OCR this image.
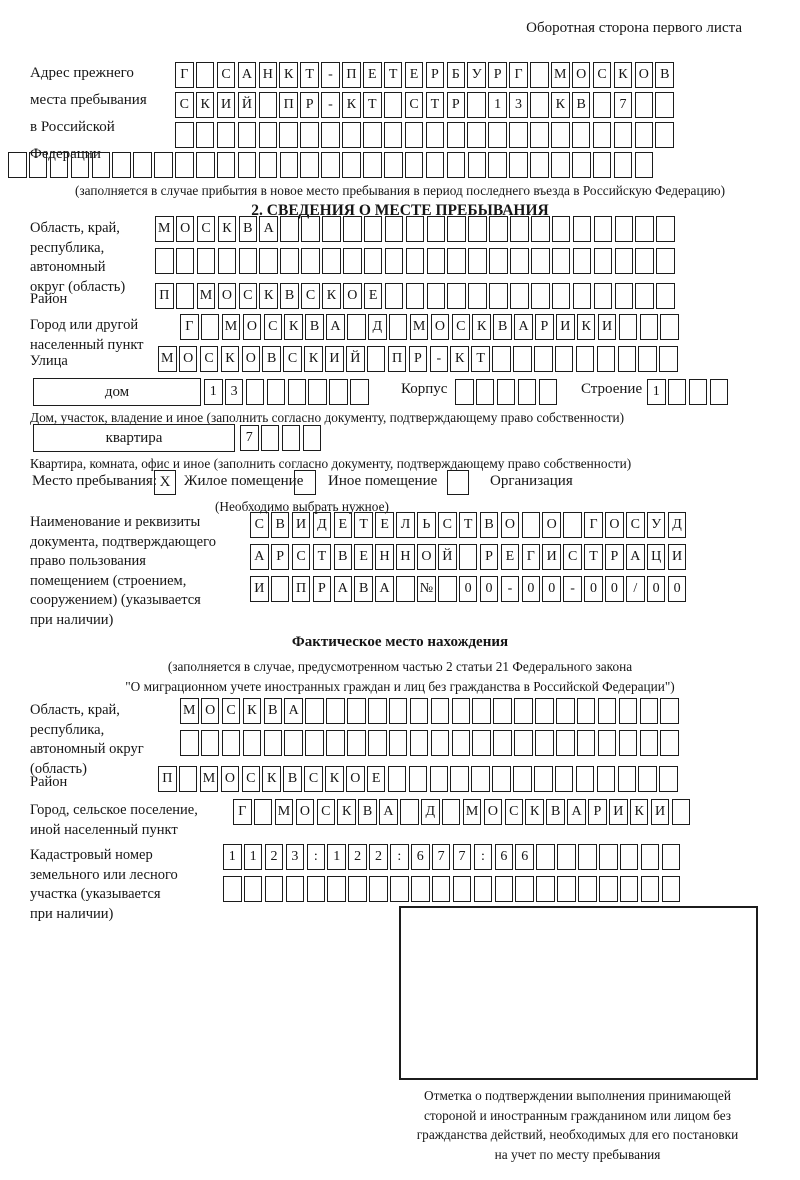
Оборотная сторона первого листа
Адрес прежнего
места пребывания
в Российской
Федерации
Г	С А Н К Т	- П Е Т Е Р Б У Р Г	М О С К О В
С К И Й П Р	- К Т	С Т Р	1 3	К В	7
(заполняется в случае прибытия в новое место пребывания в период последнего въезда в Российскую Федерацию)
2. СВЕДЕНИЯ О МЕСТЕ ПРЕБЫВАНИЯ
Область, край,
республика,
автономный
округ (область)
М О С К В А
Район	П М О С К В С К О Е
Город или другой
населенный пункт
Г	М О С К В А	Д	М О С К В А Р И К И
Улица	М О С К О В С К И Й П Р	- К Т
дом	1 3	Корпус	Строение 1
Дом, участок, владение и иное (заполнить согласно документу, подтверждающему право собственности)
квартира	7
Квартира, комната, офис и иное (заполнить согласно документу, подтверждающему право собственности)
Место пребывания: X Жилое помещение Иное помещение	Организация
(Необходимо выбрать нужное)
Наименование и реквизиты
документа, подтверждающего
право пользования
помещением (строением,
сооружением) (указывается
при наличии)
С В И Д Е Т Е Л Ь С Т В О О	Г О С У Д
А Р С Т В Е Н Н О Й	Р Е Г И С Т Р А Ц И
И П Р А В А №	0 0	-	0 0	-	0 0	/	0 0
Фактическое место нахождения
(заполняется в случае, предусмотренном частью 2 статьи 21 Федерального закона
"О миграционном учете иностранных граждан и лиц без гражданства в Российской Федерации")
Область, край,
республика,
автономный округ
(область)
М О С К В А
Район	П М О С К В С К О Е
Город, сельское поселение,
иной населенный пункт
Г	М О С К В А	Д	М О С К В А Р И К И
Кадастровый номер
земельного или лесного
участка (указывается
при наличии)
1 1 2 3	:	1 2 2	:	6 7 7	:	6 6
Отметка о подтверждении выполнения принимающей
стороной и иностранным гражданином или лицом без
гражданства действий, необходимых для его постановки
на учет по месту пребывания
